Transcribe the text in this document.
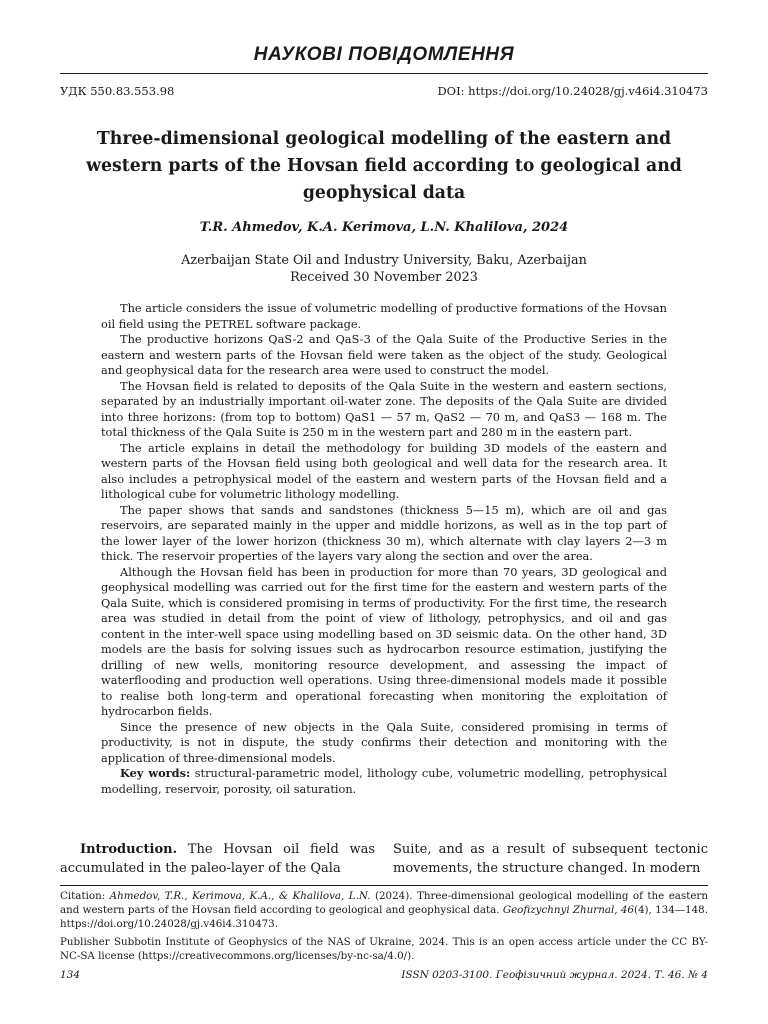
НАУКОВІ ПОВІДОМЛЕННЯ
УДК 550.83.553.98	DOI: https://doi.org/10.24028/gj.v46i4.310473
Three-dimensional geological modelling of the eastern and western parts of the Hovsan field according to geological and geophysical data
T.R. Ahmedov, K.A. Kerimova, L.N. Khalilova, 2024
Azerbaijan State Oil and Industry University, Baku, Azerbaijan
Received 30 November 2023

The article considers the issue of volumetric modelling of productive formations of the Hovsan oil field using the PETREL software package.

The productive horizons QaS-2 and QaS-3 of the Qala Suite of the Productive Series in the eastern and western parts of the Hovsan field were taken as the object of the study. Geological and geophysical data for the research area were used to construct the model.

The Hovsan field is related to deposits of the Qala Suite in the western and eastern sections, separated by an industrially important oil-water zone. The deposits of the Qala Suite are divided into three horizons: (from top to bottom) QaS1 — 57 m, QaS2 — 70 m, and QaS3 — 168 m. The total thickness of the Qala Suite is 250 m in the western part and 280 m in the eastern part.

The article explains in detail the methodology for building 3D models of the eastern and western parts of the Hovsan field using both geological and well data for the research area. It also includes a petrophysical model of the eastern and western parts of the Hovsan field and a lithological cube for volumetric lithology modelling.

The paper shows that sands and sandstones (thickness 5—15 m), which are oil and gas reservoirs, are separated mainly in the upper and middle horizons, as well as in the top part of the lower layer of the lower horizon (thickness 30 m), which alternate with clay layers 2—3 m thick. The reservoir properties of the layers vary along the section and over the area.

Although the Hovsan field has been in production for more than 70 years, 3D geological and geophysical modelling was carried out for the first time for the eastern and western parts of the Qala Suite, which is considered promising in terms of productivity. For the first time, the research area was studied in detail from the point of view of lithology, petrophysics, and oil and gas content in the inter-well space using modelling based on 3D seismic data. On the other hand, 3D models are the basis for solving issues such as hydrocarbon resource estimation, justifying the drilling of new wells, monitoring resource development, and assessing the impact of waterflooding and production well operations. Using three-dimensional models made it possible to realise both long-term and operational forecasting when monitoring the exploitation of hydrocarbon fields.

Since the presence of new objects in the Qala Suite, considered promising in terms of productivity, is not in dispute, the study confirms their detection and monitoring with the application of three-dimensional models.

Key words: structural-parametric model, lithology cube, volumetric modelling, petrophysical modelling, reservoir, porosity, oil saturation.

Introduction. The Hovsan oil field was accumulated in the paleo-layer of the Qala

Suite, and as a result of subsequent tectonic movements, the structure changed. In modern

Citation: Ahmedov, T.R., Kerimova, K.A., & Khalilova, L.N. (2024). Three-dimensional geological modelling of the eastern and western parts of the Hovsan field according to geological and geophysical data. Geofizychnyi Zhurnal, 46(4), 134—148. https://doi.org/10.24028/gj.v46i4.310473.

Publisher Subbotin Institute of Geophysics of the NAS of Ukraine, 2024. This is an open access article under the CC BY-NC-SA license (https://creativecommons.org/licenses/by-nc-sa/4.0/).

134	ISSN 0203-3100. Геофізичний журнал. 2024. Т. 46. № 4
